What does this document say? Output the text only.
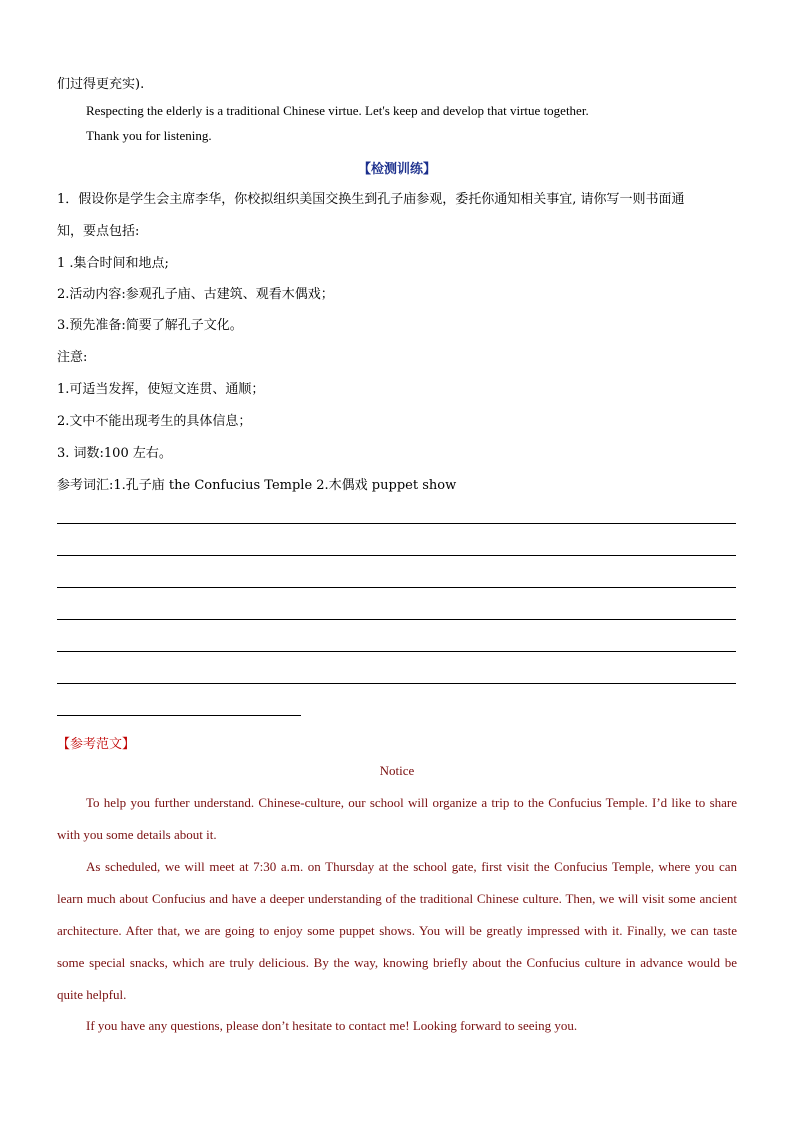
们过得更充实).
Respecting the elderly is a traditional Chinese virtue. Let's keep and develop that virtue together.
Thank you for listening.
【检测训练】
1．假设你是学生会主席李华，你校拟组织美国交换生到孔子庙参观，委托你通知相关事宜, 请你写一则书面通
知，要点包括:
1 .集合时间和地点;
2.活动内容:参观孔子庙、古建筑、观看木偶戏；
3.预先准备:简要了解孔子文化。
注意:
1.可适当发挥，使短文连贯、通顺；
2.文中不能出现考生的具体信息；
3. 词数:100 左右。
参考词汇:1.孔子庙 the Confucius Temple 2.木偶戏 puppet show
【参考范文】
Notice

To help you further understand. Chinese-culture, our school will organize a trip to the Confucius Temple. I’d like to share with you some details about it.

As scheduled, we will meet at 7:30 a.m. on Thursday at the school gate, first visit the Confucius Temple, where you can learn much about Confucius and have a deeper understanding of the traditional Chinese culture. Then, we will visit some ancient architecture. After that, we are going to enjoy some puppet shows. You will be greatly impressed with it. Finally, we can taste some special snacks, which are truly delicious. By the way, knowing briefly about the Confucius culture in advance would be quite helpful.

If you have any questions, please don’t hesitate to contact me! Looking forward to seeing you.
